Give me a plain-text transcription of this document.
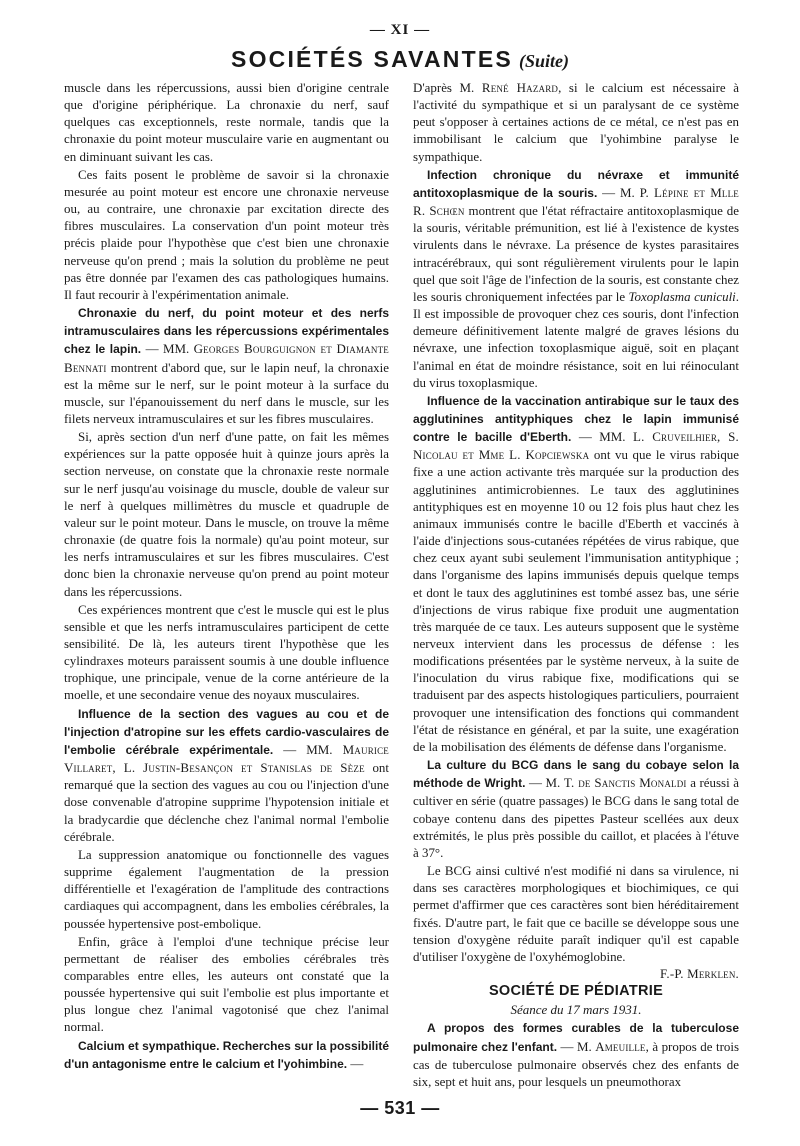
— XI —
SOCIÉTÉS SAVANTES (Suite)

muscle dans les répercussions, aussi bien d'origine centrale que d'origine périphérique. La chronaxie du nerf, sauf quelques cas exceptionnels, reste normale, tandis que la chronaxie du point moteur musculaire varie en augmentant ou en diminuant suivant les cas.

Ces faits posent le problème de savoir si la chronaxie mesurée au point moteur est encore une chronaxie nerveuse ou, au contraire, une chronaxie par excitation directe des fibres musculaires. La conservation d'un point moteur très précis plaide pour l'hypothèse que c'est bien une chronaxie nerveuse qu'on prend ; mais la solution du problème ne peut pas être donnée par l'examen des cas pathologiques humains. Il faut recourir à l'expérimentation animale.

Chronaxie du nerf, du point moteur et des nerfs intramusculaires dans les répercussions expérimentales chez le lapin. — MM. Georges Bourguignon et Diamante Bennati montrent d'abord que, sur le lapin neuf, la chronaxie est la même sur le nerf, sur le point moteur à la surface du muscle, sur l'épanouissement du nerf dans le muscle, sur les filets nerveux intramusculaires et sur les fibres musculaires.

Si, après section d'un nerf d'une patte, on fait les mêmes expériences sur la patte opposée huit à quinze jours après la section nerveuse, on constate que la chronaxie reste normale sur le nerf jusqu'au voisinage du muscle, double de valeur sur le nerf à quelques millimètres du muscle et quadruple de valeur sur le point moteur. Dans le muscle, on trouve la même chronaxie (de quatre fois la normale) qu'au point moteur, sur les nerfs intramusculaires et sur les fibres musculaires. C'est donc bien la chronaxie nerveuse qu'on prend au point moteur dans les répercussions.

Ces expériences montrent que c'est le muscle qui est le plus sensible et que les nerfs intramusculaires participent de cette sensibilité. De là, les auteurs tirent l'hypothèse que les cylindraxes moteurs paraissent soumis à une double influence trophique, une principale, venue de la corne antérieure de la moelle, et une secondaire venue des noyaux musculaires.

Influence de la section des vagues au cou et de l'injection d'atropine sur les effets cardio-vasculaires de l'embolie cérébrale expérimentale. — MM. Maurice Villaret, L. Justin-Besançon et Stanislas de Sèze ont remarqué que la section des vagues au cou ou l'injection d'une dose convenable d'atropine supprime l'hypotension initiale et la bradycardie que déclenche chez l'animal normal l'embolie cérébrale.

La suppression anatomique ou fonctionnelle des vagues supprime également l'augmentation de la pression différentielle et l'exagération de l'amplitude des contractions cardiaques qui accompagnent, dans les embolies cérébrales, la poussée hypertensive post-embolique.

Enfin, grâce à l'emploi d'une technique précise leur permettant de réaliser des embolies cérébrales très comparables entre elles, les auteurs ont constaté que la poussée hypertensive qui suit l'embolie est plus importante et plus longue chez l'animal vagotonisé que chez l'animal normal.

Calcium et sympathique. Recherches sur la possibilité d'un antagonisme entre le calcium et l'yohimbine. —

D'après M. René Hazard, si le calcium est nécessaire à l'activité du sympathique et si un paralysant de ce système peut s'opposer à certaines actions de ce métal, ce n'est pas en immobilisant le calcium que l'yohimbine paralyse le sympathique.

Infection chronique du névraxe et immunité antitoxoplasmique de la souris. — M. P. Lépine et Mlle R. Schœn montrent que l'état réfractaire antitoxoplasmique de la souris, véritable prémunition, est lié à l'existence de kystes virulents dans le névraxe. La présence de kystes parasitaires intracérébraux, qui sont régulièrement virulents pour le lapin quel que soit l'âge de l'infection de la souris, est constante chez les souris chroniquement infectées par le Toxoplasma cuniculi. Il est impossible de provoquer chez ces souris, dont l'infection demeure définitivement latente malgré de graves lésions du névraxe, une infection toxoplasmique aiguë, soit en plaçant l'animal en état de moindre résistance, soit en lui réinoculant du virus toxoplasmique.

Influence de la vaccination antirabique sur le taux des agglutinines antityphiques chez le lapin immunisé contre le bacille d'Eberth. — MM. L. Cruveilhier, S. Nicolau et Mme L. Kopciewska ont vu que le virus rabique fixe a une action activante très marquée sur la production des agglutinines antimicrobiennes. Le taux des agglutinines antityphiques est en moyenne 10 ou 12 fois plus haut chez les animaux immunisés contre le bacille d'Eberth et vaccinés à l'aide d'injections sous-cutanées répétées de virus rabique, que chez ceux ayant subi seulement l'immunisation antityphique ; dans l'organisme des lapins immunisés depuis quelque temps et dont le taux des agglutinines est tombé assez bas, une série d'injections de virus rabique fixe produit une augmentation très marquée de ce taux. Les auteurs supposent que le système nerveux intervient dans les processus de défense : les modifications présentées par le système nerveux, à la suite de l'inoculation du virus rabique fixe, modifications qui se traduisent par des aspects histologiques particuliers, pourraient provoquer une intensification des fonctions qui commandent l'état de résistance en général, et par la suite, une exagération de la mobilisation des éléments de défense dans l'organisme.

La culture du BCG dans le sang du cobaye selon la méthode de Wright. — M. T. de Sanctis Monaldi a réussi à cultiver en série (quatre passages) le BCG dans le sang total de cobaye contenu dans des pipettes Pasteur scellées aux deux extrémités, le plus près possible du caillot, et placées à l'étuve à 37°.

Le BCG ainsi cultivé n'est modifié ni dans sa virulence, ni dans ses caractères morphologiques et biochimiques, ce qui permet d'affirmer que ces caractères sont bien héréditairement fixés. D'autre part, le fait que ce bacille se développe sous une tension d'oxygène réduite paraît indiquer qu'il est capable d'utiliser l'oxygène de l'oxyhémoglobine.
F.-P. Merklen.

SOCIÉTÉ DE PÉDIATRIE

Séance du 17 mars 1931.

A propos des formes curables de la tuberculose pulmonaire chez l'enfant. — M. Ameuille, à propos de trois cas de tuberculose pulmonaire observés chez des enfants de six, sept et huit ans, pour lesquels un pneumothorax

— 531 —
